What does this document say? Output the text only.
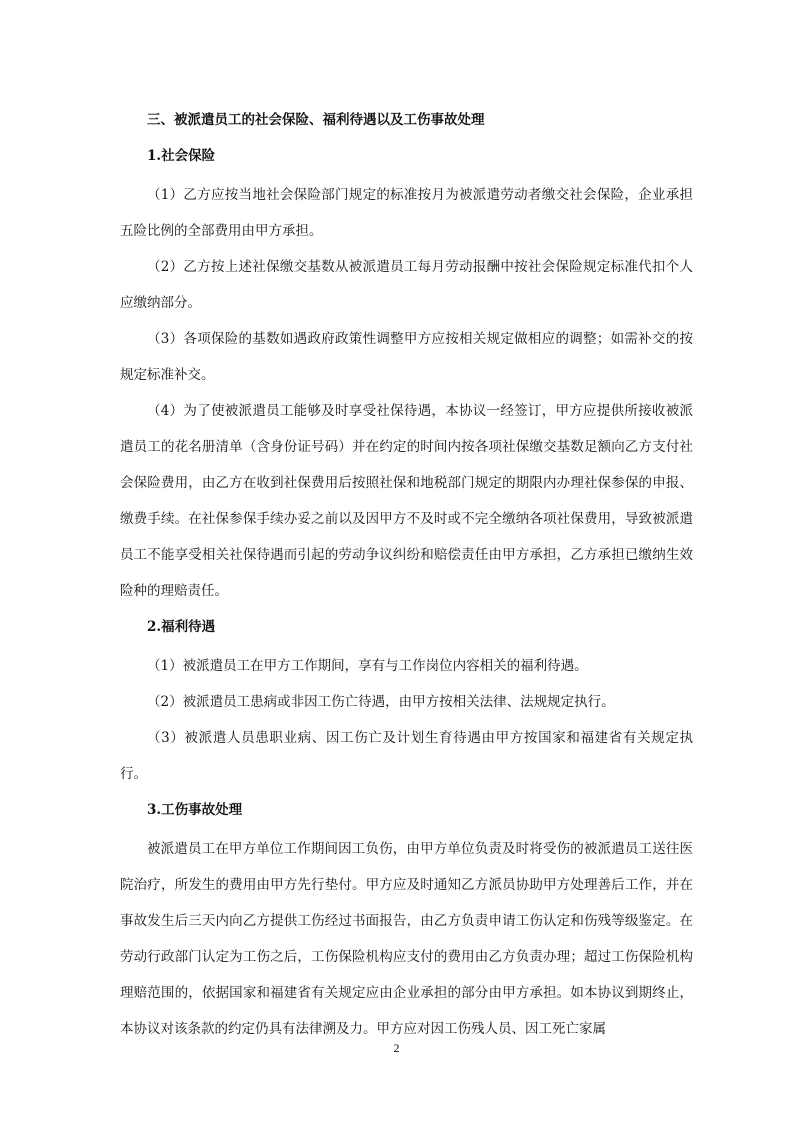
三、被派遣员工的社会保险、福利待遇以及工伤事故处理

1.社会保险

（1）乙方应按当地社会保险部门规定的标准按月为被派遣劳动者缴交社会保险，企业承担五险比例的全部费用由甲方承担。

（2）乙方按上述社保缴交基数从被派遣员工每月劳动报酬中按社会保险规定标准代扣个人应缴纳部分。

（3）各项保险的基数如遇政府政策性调整甲方应按相关规定做相应的调整；如需补交的按规定标准补交。

（4）为了使被派遣员工能够及时享受社保待遇，本协议一经签订，甲方应提供所接收被派遣员工的花名册清单（含身份证号码）并在约定的时间内按各项社保缴交基数足额向乙方支付社会保险费用，由乙方在收到社保费用后按照社保和地税部门规定的期限内办理社保参保的申报、缴费手续。在社保参保手续办妥之前以及因甲方不及时或不完全缴纳各项社保费用，导致被派遣员工不能享受相关社保待遇而引起的劳动争议纠纷和赔偿责任由甲方承担，乙方承担已缴纳生效险种的理赔责任。

2.福利待遇

（1）被派遣员工在甲方工作期间，享有与工作岗位内容相关的福利待遇。

（2）被派遣员工患病或非因工伤亡待遇，由甲方按相关法律、法规规定执行。

（3）被派遣人员患职业病、因工伤亡及计划生育待遇由甲方按国家和福建省有关规定执行。

3.工伤事故处理

被派遣员工在甲方单位工作期间因工负伤，由甲方单位负责及时将受伤的被派遣员工送往医院治疗，所发生的费用由甲方先行垫付。甲方应及时通知乙方派员协助甲方处理善后工作，并在事故发生后三天内向乙方提供工伤经过书面报告，由乙方负责申请工伤认定和伤残等级鉴定。在劳动行政部门认定为工伤之后，工伤保险机构应支付的费用由乙方负责办理；超过工伤保险机构理赔范围的，依据国家和福建省有关规定应由企业承担的部分由甲方承担。如本协议到期终止，本协议对该条款的约定仍具有法律溯及力。甲方应对因工伤残人员、因工死亡家属

2
